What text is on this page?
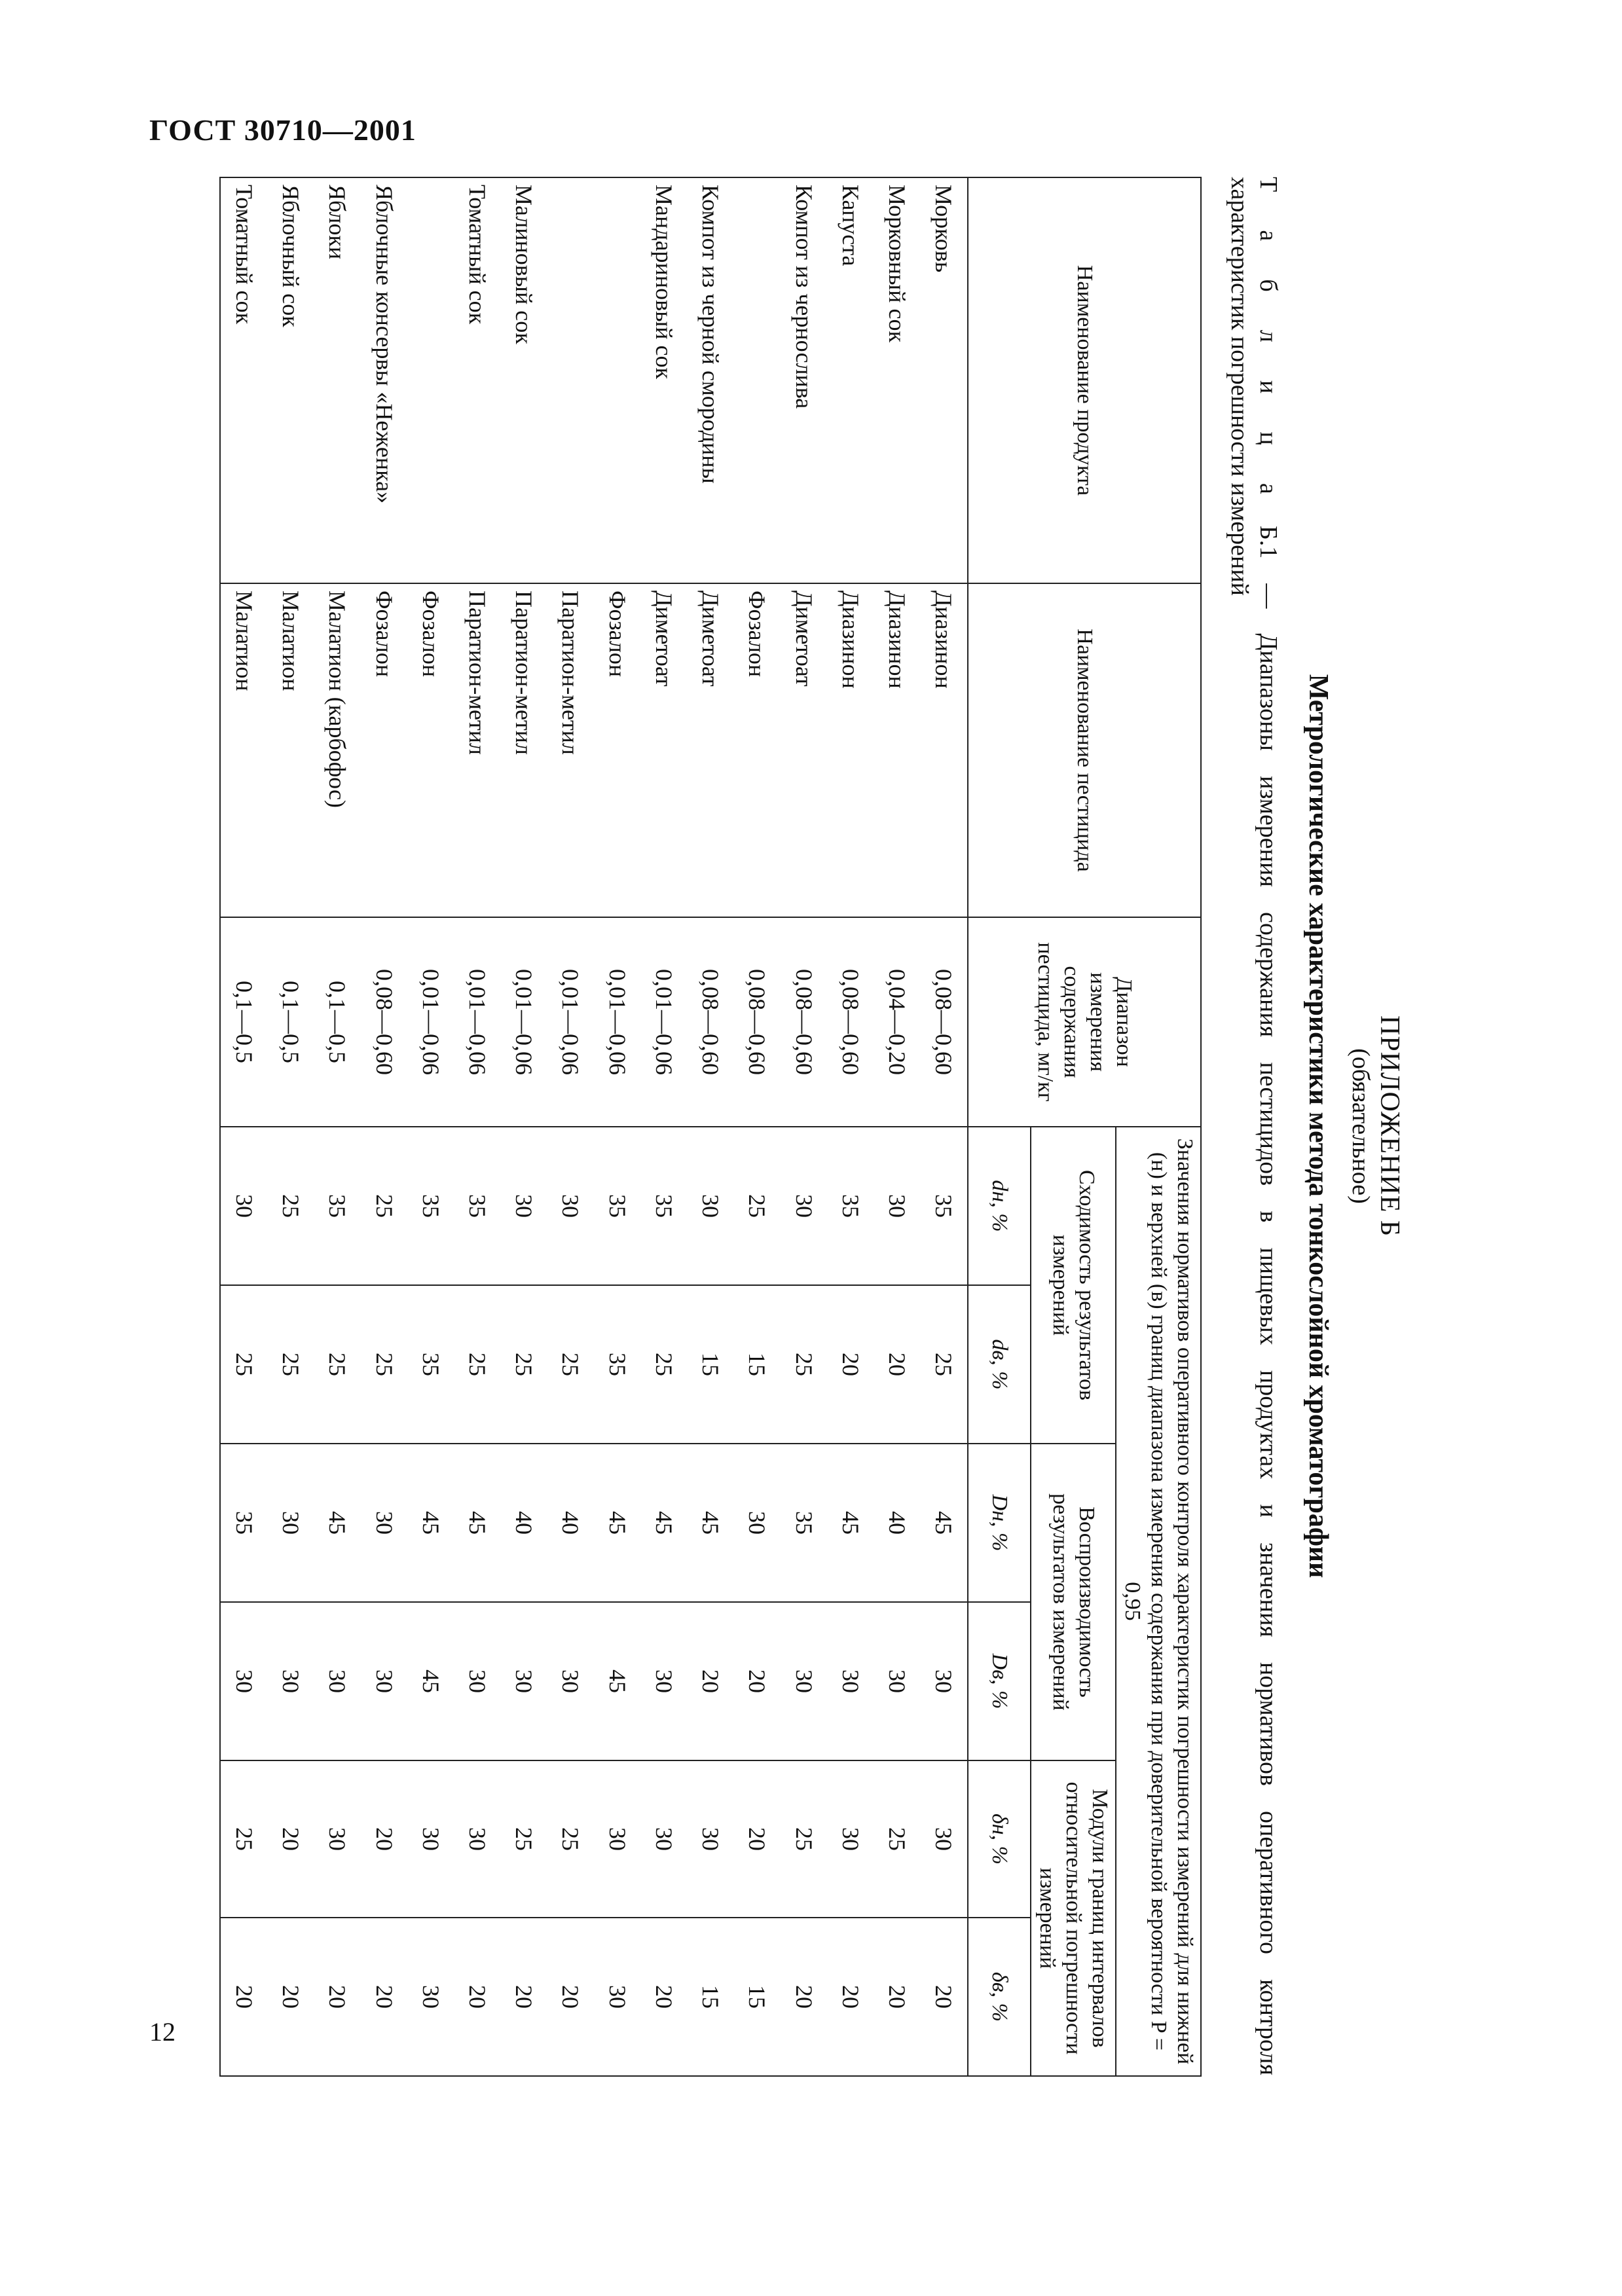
ГОСТ 30710—2001
12
ПРИЛОЖЕНИЕ Б
(обязательное)
Метрологические характеристики метода тонкослойной хроматографии
Т а б л и ц а Б.1 — Диапазоны измерения содержания пестицидов в пищевых продуктах и значения нормативов оперативного контроля
характеристик погрешности измерений
Наименование продукта	Наименование пестицида	Диапазон измерения содержания пестицида, мг/кг	Значения нормативов оперативного контроля характеристик погрешности измерений для нижней (н) и верхней (в) границ диапазона измерения содержания при доверительной вероятности P = 0,95					
			Сходимость результатов измерений		Воспроизводимость результатов измерений		Модули границ интервалов относительной погрешности измерений	
			dн, %	dв, %	Dн, %	Dв, %	δн, %	δв, %
Морковь	Диазинон	0,08—0,60	35	25	45	30	30	20
Морковный сок	Диазинон	0,04—0,20	30	20	40	30	25	20
Капуста	Диазинон	0,08—0,60	35	20	45	30	30	20
Компот из чернослива	Диметоат	0,08—0,60	30	25	35	30	25	20
	Фозалон	0,08—0,60	25	15	30	20	20	15
Компот из черной смородины	Диметоат	0,08—0,60	30	15	45	20	30	15
Мандариновый сок	Диметоат	0,01—0,06	35	25	45	30	30	20
	Фозалон	0,01—0,06	35	35	45	45	30	30
	Паратион-метил	0,01—0,06	30	25	40	30	25	20
Малиновый сок	Паратион-метил	0,01—0,06	30	25	40	30	25	20
Томатный сок	Паратион-метил	0,01—0,06	35	25	45	30	30	20
	Фозалон	0,01—0,06	35	35	45	45	30	30
Яблочные консервы «Неженка»	Фозалон	0,08—0,60	25	25	30	30	20	20
Яблоки	Малатион (карбофос)	0,1—0,5	35	25	45	30	30	20
Яблочный сок	Малатион	0,1—0,5	25	25	30	30	20	20
Томатный сок	Малатион	0,1—0,5	30	25	35	30	25	20
